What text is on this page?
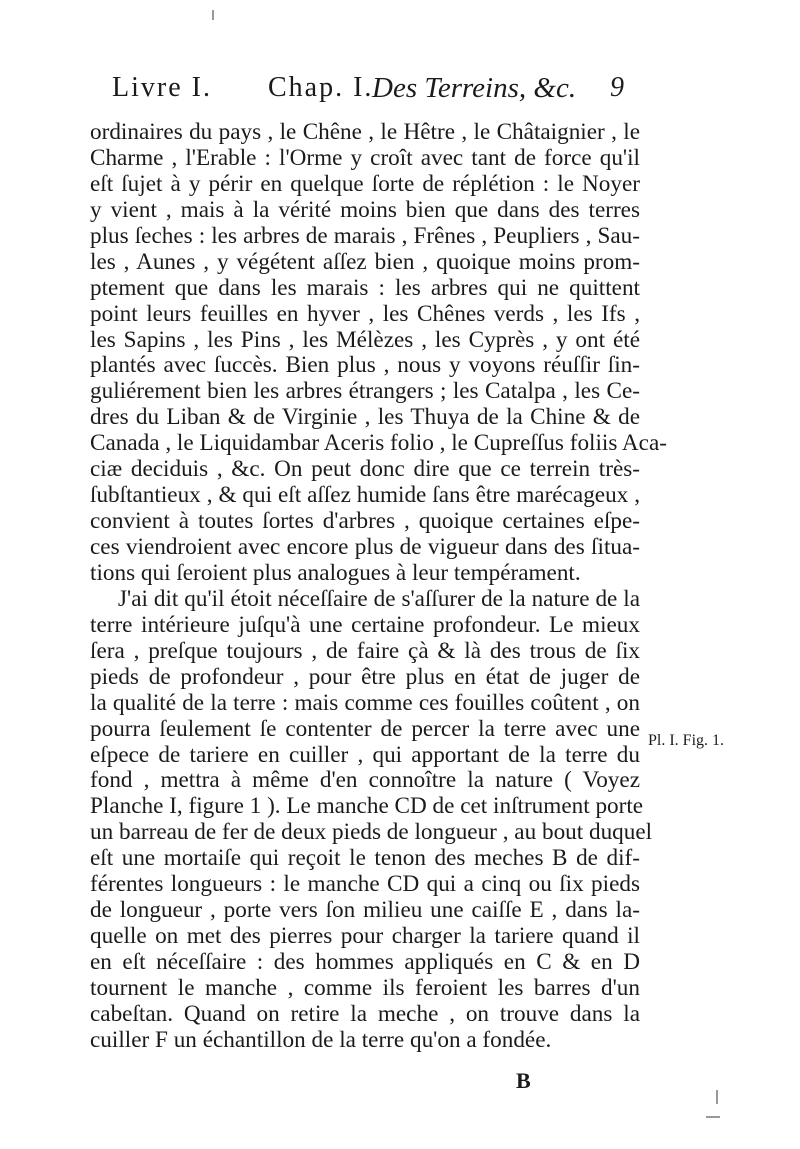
Livre I. Chap. I.
Des Terreins, &c. 9
ordinaires du pays , le Chêne , le Hêtre , le Châtaignier , le
Charme , l'Erable : l'Orme y croît avec tant de force qu'il
eſt ſujet à y périr en quelque ſorte de réplétion : le Noyer
y vient , mais à la vérité moins bien que dans des terres
plus ſeches : les arbres de marais , Frênes , Peupliers , Sau-
les , Aunes , y végétent aſſez bien , quoique moins prom-
ptement que dans les marais : les arbres qui ne quittent
point leurs feuilles en hyver , les Chênes verds , les Ifs ,
les Sapins , les Pins , les Mélèzes , les Cyprès , y ont été
plantés avec ſuccès. Bien plus , nous y voyons réuſſir ſin-
guliérement bien les arbres étrangers ; les Catalpa , les Ce-
dres du Liban & de Virginie , les Thuya de la Chine & de
Canada , le Liquidambar Aceris folio , le Cupreſſus foliis Aca-
ciæ deciduis , &c. On peut donc dire que ce terrein très-
ſubſtantieux , & qui eſt aſſez humide ſans être marécageux ,
convient à toutes ſortes d'arbres , quoique certaines eſpe-
ces viendroient avec encore plus de vigueur dans des ſitua-
tions qui ſeroient plus analogues à leur tempérament.
J'ai dit qu'il étoit néceſſaire de s'aſſurer de la nature de la
terre intérieure juſqu'à une certaine profondeur. Le mieux
ſera , preſque toujours , de faire çà & là des trous de ſix
pieds de profondeur , pour être plus en état de juger de
la qualité de la terre : mais comme ces fouilles coûtent , on
pourra ſeulement ſe contenter de percer la terre avec une
eſpece de tariere en cuiller , qui apportant de la terre du
fond , mettra à même d'en connoître la nature ( Voyez
Planche I, figure 1 ). Le manche CD de cet inſtrument porte
un barreau de fer de deux pieds de longueur , au bout duquel
eſt une mortaiſe qui reçoit le tenon des meches B de dif-
férentes longueurs : le manche CD qui a cinq ou ſix pieds
de longueur , porte vers ſon milieu une caiſſe E , dans la-
quelle on met des pierres pour charger la tariere quand il
en eſt néceſſaire : des hommes appliqués en C & en D
tournent le manche , comme ils feroient les barres d'un
cabeſtan. Quand on retire la meche , on trouve dans la
cuiller F un échantillon de la terre qu'on a fondée.
Pl. I. Fig. 1.
B
